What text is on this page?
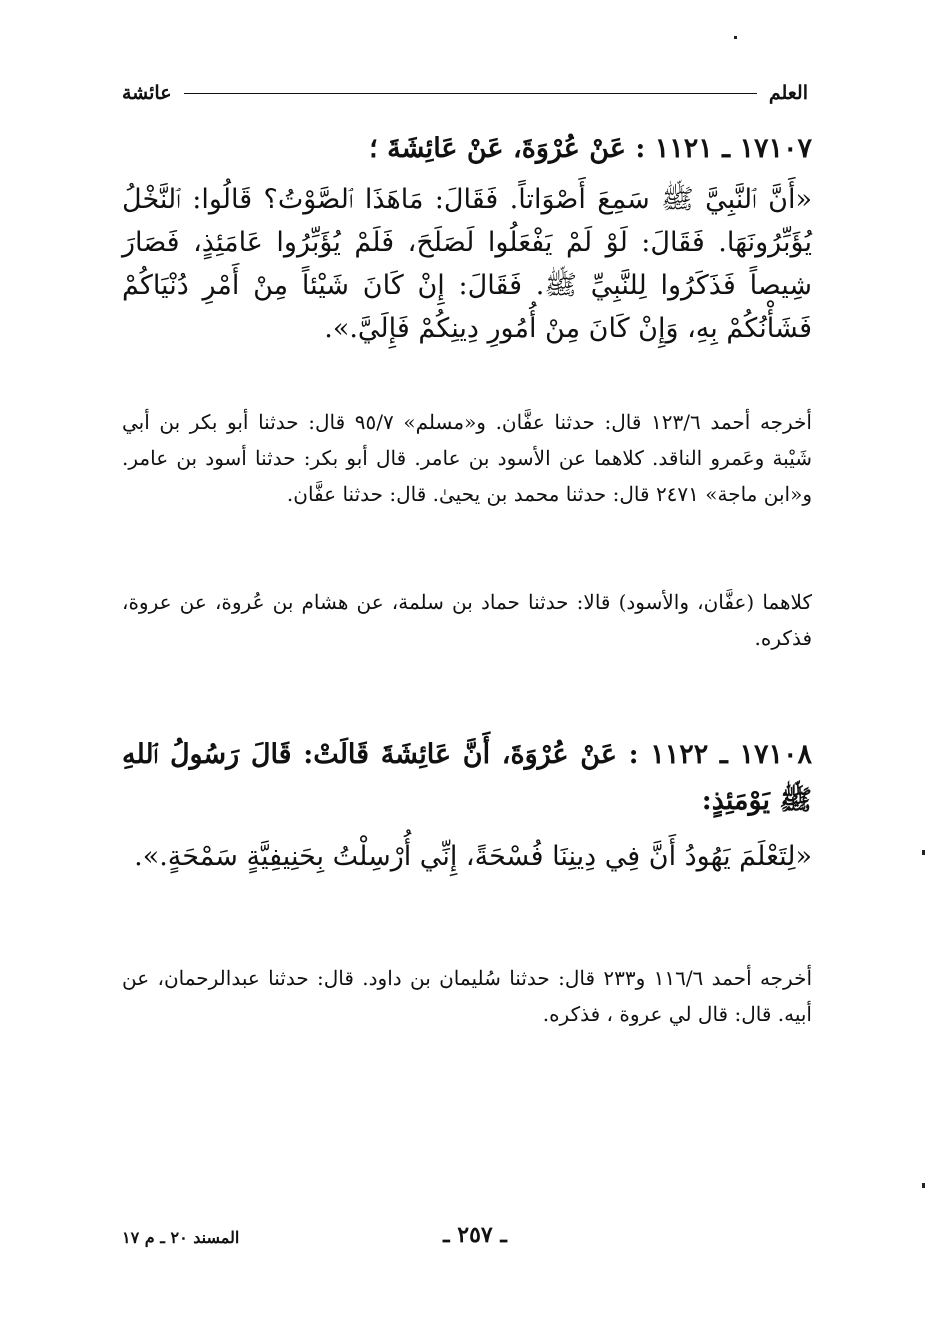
العلم
عائشة
١٧١٠٧ ـ ١١٢١ : عَنْ عُرْوَةَ، عَنْ عَائِشَةَ ؛
«أَنَّ ٱلنَّبِيَّ ﷺ سَمِعَ أَصْوَاتاً. فَقَالَ: مَاهَذَا ٱلصَّوْتُ؟ قَالُوا: ٱلنَّخْلُ يُؤَبِّرُونَهَا. فَقَالَ: لَوْ لَمْ يَفْعَلُوا لَصَلَحَ، فَلَمْ يُؤَبِّرُوا عَامَئِذٍ، فَصَارَ شِيصاً فَذَكَرُوا لِلنَّبِيِّ ﷺ. فَقَالَ: إِنْ كَانَ شَيْئاً مِنْ أَمْرِ دُنْيَاكُمْ فَشَأْنُكُمْ بِهِ، وَإِنْ كَانَ مِنْ أُمُورِ دِينِكُمْ فَإِلَيَّ.».
أخرجه أحمد ١٢٣/٦ قال: حدثنا عفَّان. و«مسلم» ٩٥/٧ قال: حدثنا أبو بكر بن أبي شَيْبة وعَمرو الناقد. كلاهما عن الأسود بن عامر. قال أبو بكر: حدثنا أسود بن عامر. و«ابن ماجة» ٢٤٧١ قال: حدثنا محمد بن يحيىٰ. قال: حدثنا عفَّان.
كلاهما (عفَّان، والأسود) قالا: حدثنا حماد بن سلمة، عن هشام بن عُروة، عن عروة، فذكره.
١٧١٠٨ ـ ١١٢٢ : عَنْ عُرْوَةَ، أَنَّ عَائِشَةَ قَالَتْ: قَالَ رَسُولُ ٱللهِ ﷺ يَوْمَئِذٍ:
«لِتَعْلَمَ يَهُودُ أَنَّ فِي دِينِنَا فُسْحَةً، إِنِّي أُرْسِلْتُ بِحَنِيفِيَّةٍ سَمْحَةٍ.».
أخرجه أحمد ١١٦/٦ و٢٣٣ قال: حدثنا سُليمان بن داود. قال: حدثنا عبدالرحمان، عن أبيه. قال: قال لي عروة ، فذكره.
المسند ٢٠ ـ م ١٧	ـ ٢٥٧ ـ
